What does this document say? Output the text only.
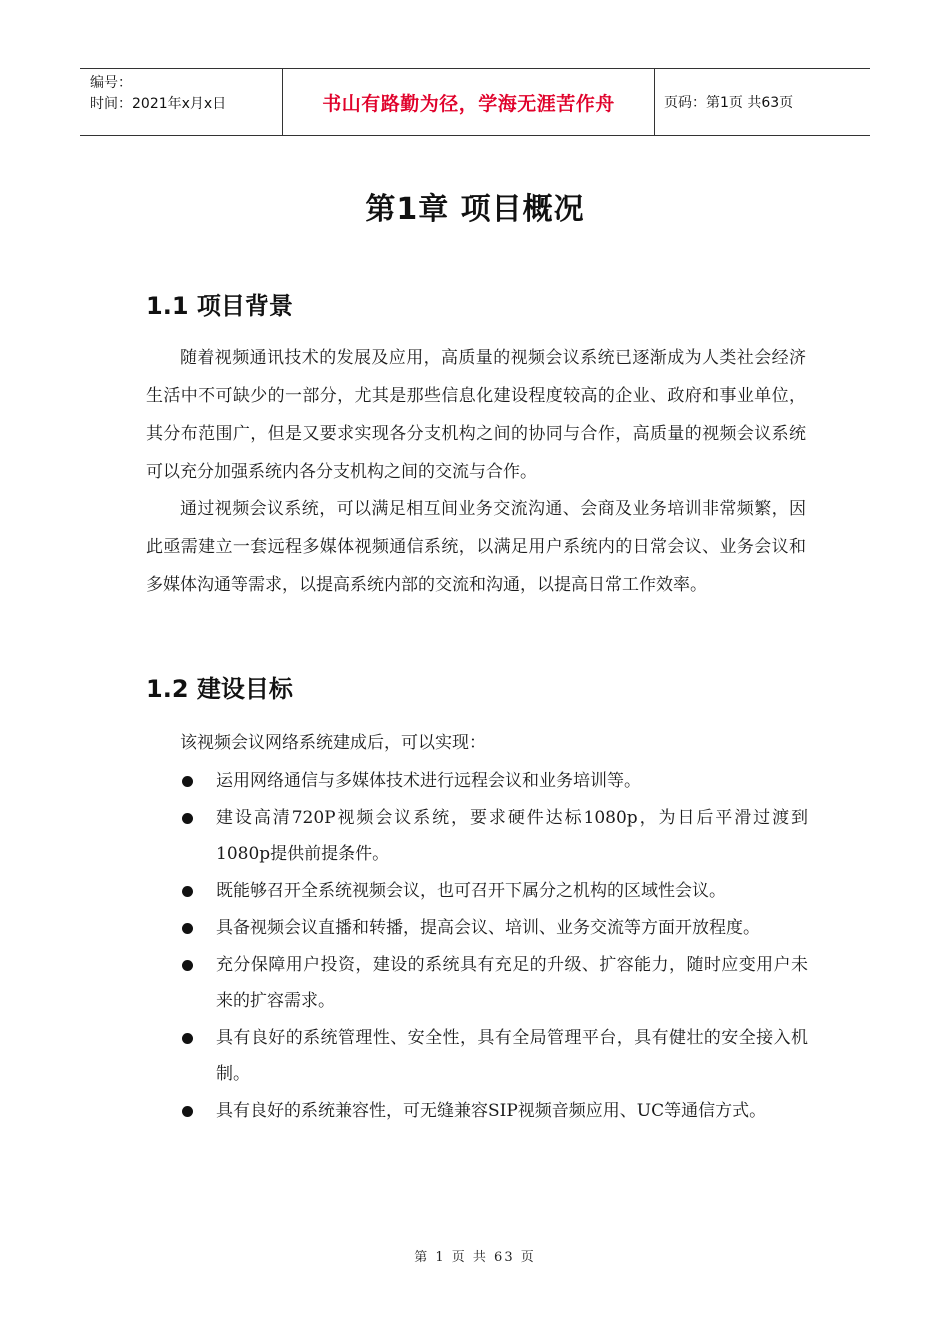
编号：
时间：2021年x月x日	书山有路勤为径，学海无涯苦作舟	页码：第1页 共63页
第1章 项目概况
1.1 项目背景

随着视频通讯技术的发展及应用，高质量的视频会议系统已逐渐成为人类社会经济生活中不可缺少的一部分，尤其是那些信息化建设程度较高的企业、政府和事业单位，其分布范围广，但是又要求实现各分支机构之间的协同与合作，高质量的视频会议系统可以充分加强系统内各分支机构之间的交流与合作。

通过视频会议系统，可以满足相互间业务交流沟通、会商及业务培训非常频繁，因此亟需建立一套远程多媒体视频通信系统，以满足用户系统内的日常会议、业务会议和多媒体沟通等需求，以提高系统内部的交流和沟通，以提高日常工作效率。

1.2 建设目标
该视频会议网络系统建成后，可以实现：
运用网络通信与多媒体技术进行远程会议和业务培训等。
建设高清720P视频会议系统，要求硬件达标1080p，为日后平滑过渡到1080p提供前提条件。
既能够召开全系统视频会议，也可召开下属分之机构的区域性会议。
具备视频会议直播和转播，提高会议、培训、业务交流等方面开放程度。
充分保障用户投资，建设的系统具有充足的升级、扩容能力，随时应变用户未来的扩容需求。
具有良好的系统管理性、安全性，具有全局管理平台，具有健壮的安全接入机制。
具有良好的系统兼容性，可无缝兼容SIP视频音频应用、UC等通信方式。
第 1 页 共 63 页
